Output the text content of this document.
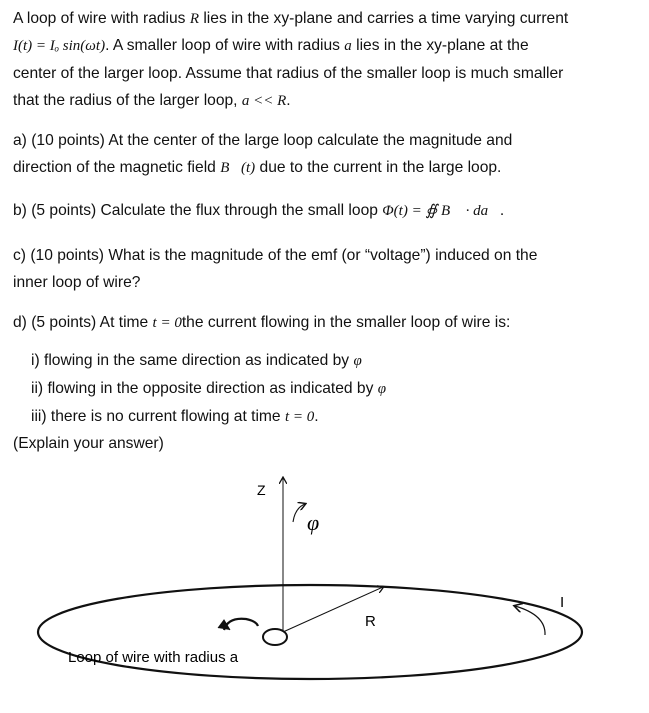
A loop of wire with radius R lies in the xy-plane and carries a time varying current
I(t) = Iₒ sin(ωt). A smaller loop of wire with radius a lies in the xy-plane at the
center of the larger loop. Assume that radius of the smaller loop is much smaller
that the radius of the larger loop, a << R.
a) (10 points) At the center of the large loop calculate the magnitude and
direction of the magnetic field B⃗(t) due to the current in the large loop.
b) (5 points) Calculate the flux through the small loop Φ(t) = ∯ B⃗ · da⃗.
c) (10 points) What is the magnitude of the emf (or “voltage”) induced on the
inner loop of wire?
d) (5 points) At time t = 0the current flowing in the smaller loop of wire is:
i) flowing in the same direction as indicated by φ
ii) flowing in the opposite direction as indicated by φ
iii) there is no current flowing at time t = 0.
(Explain your answer)
Z
φ
R
I
Loop of wire with radius a
